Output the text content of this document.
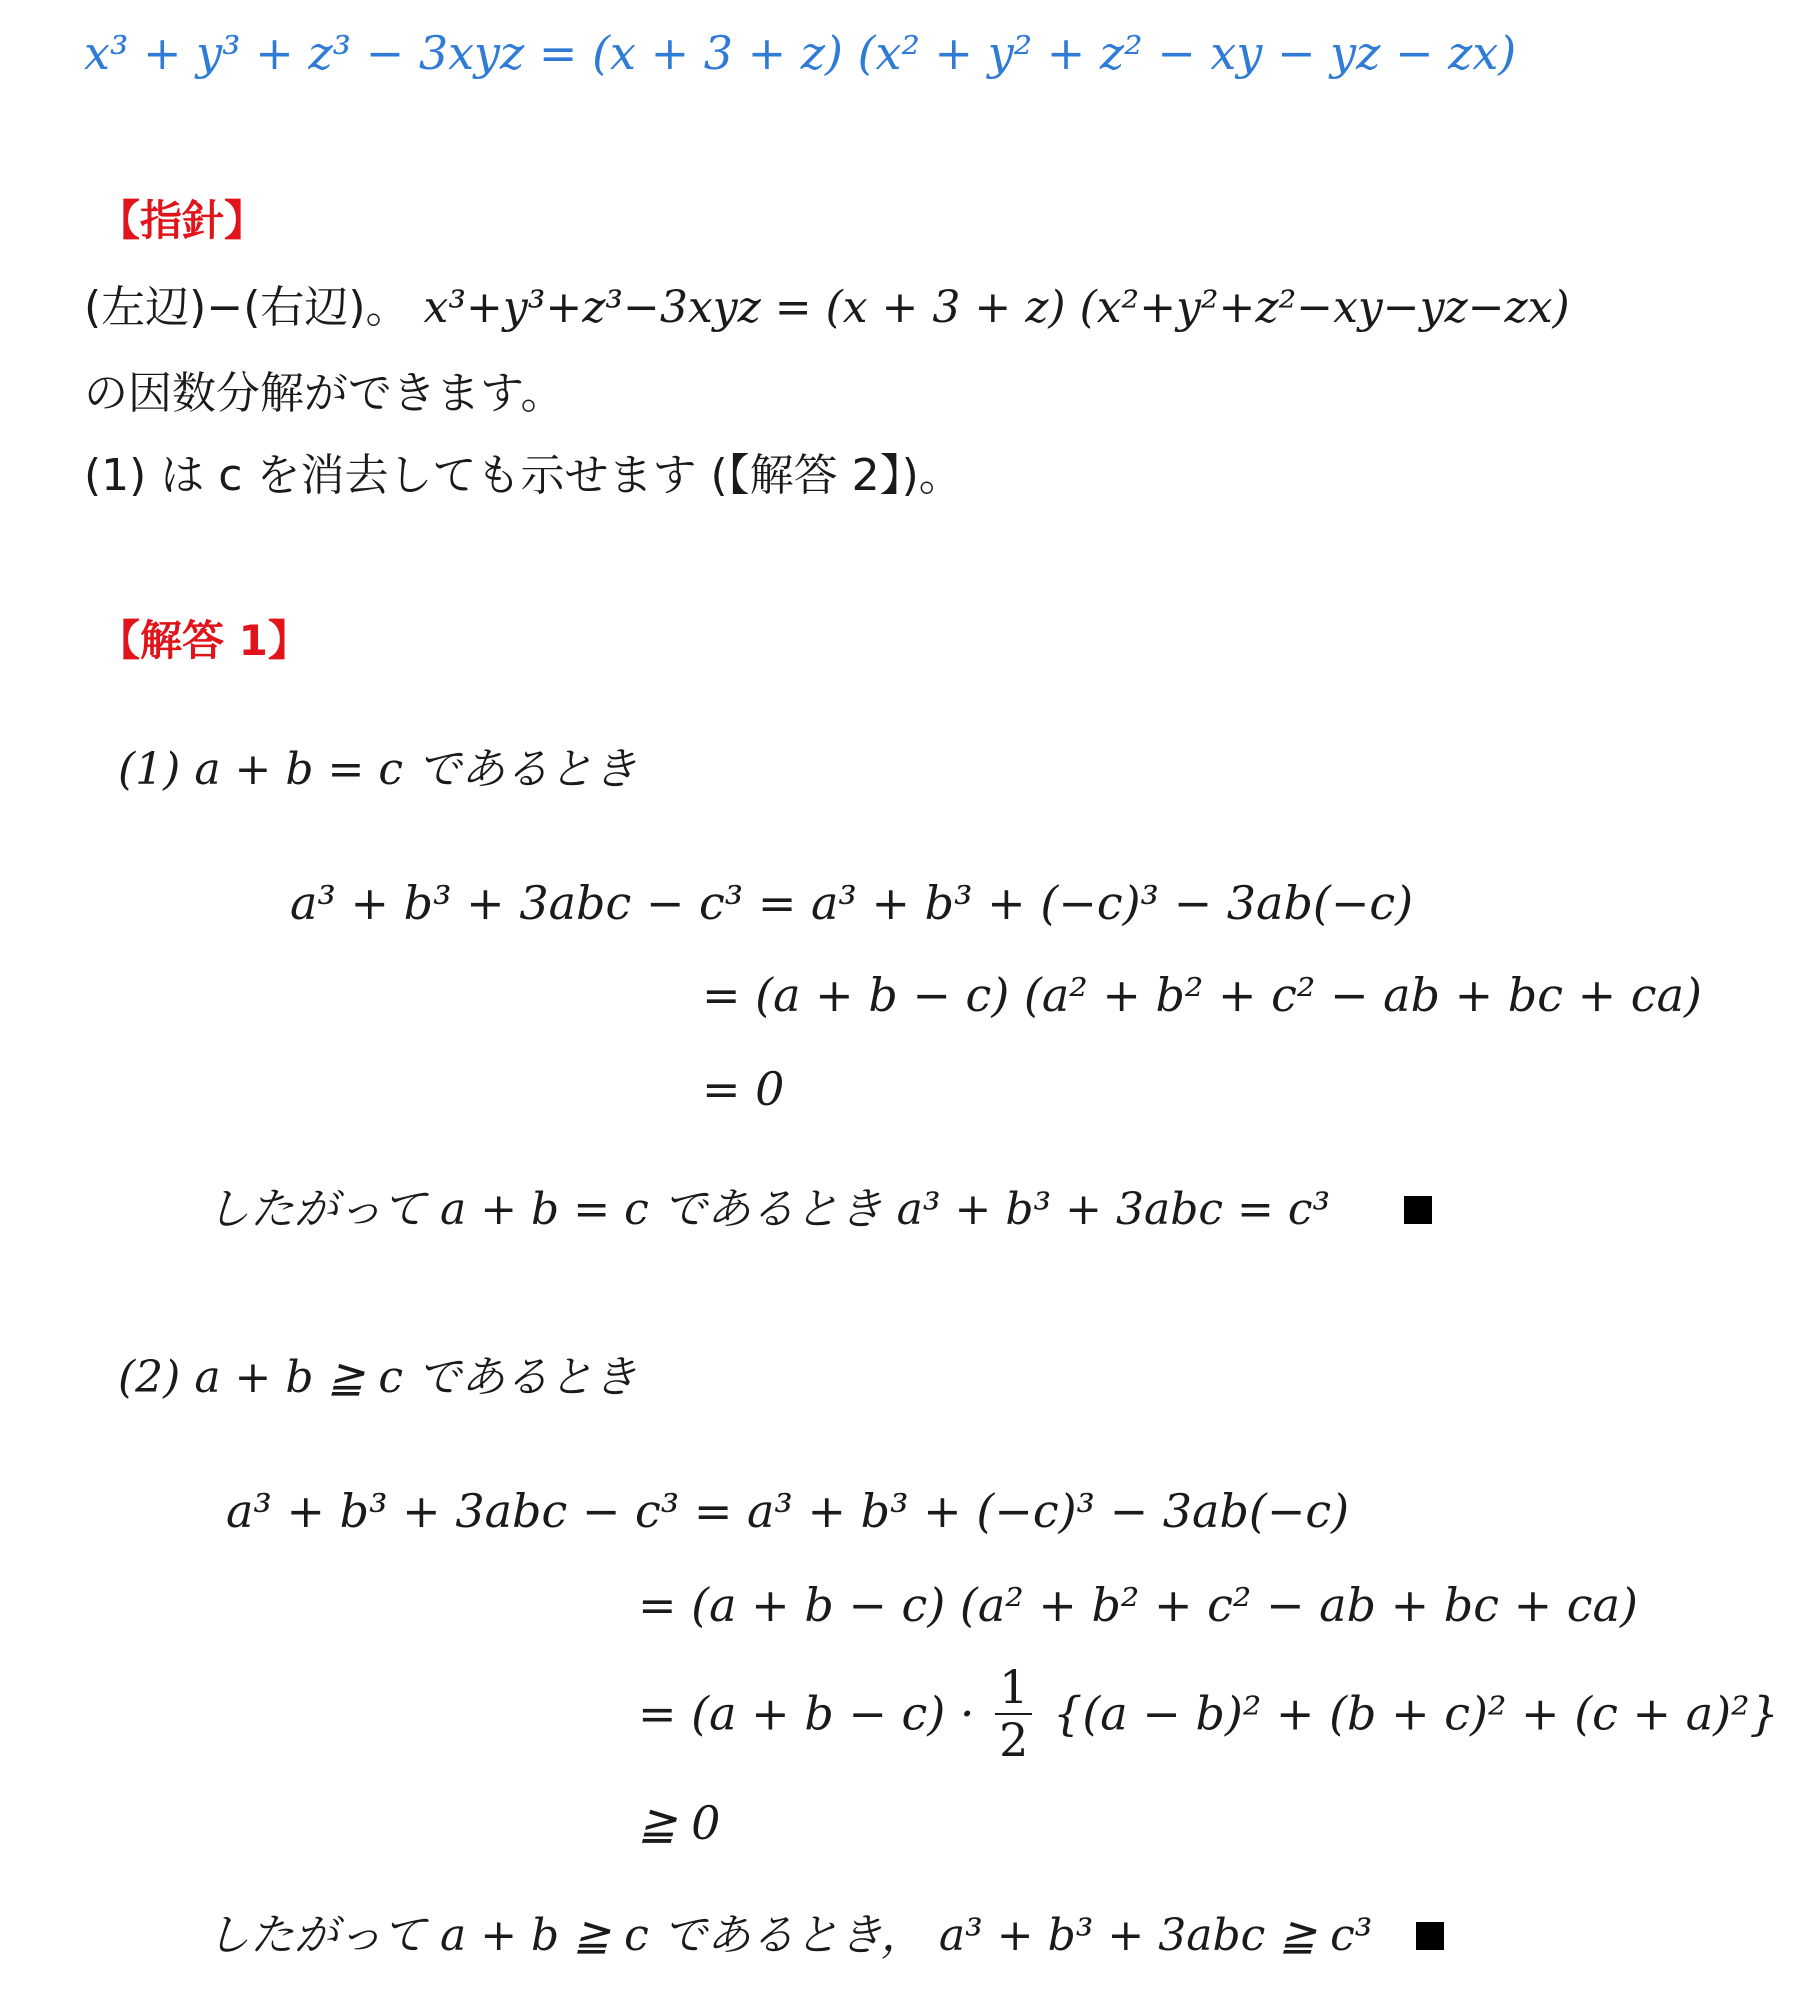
x³ + y³ + z³ − 3xyz = (x + 3 + z) (x² + y² + z² − xy − yz − zx)
【指針】
(左辺)−(右辺)。 x³+y³+z³−3xyz = (x + 3 + z) (x²+y²+z²−xy−yz−zx)
の因数分解ができます。
(1) は c を消去しても示せます (【解答 2】)。
【解答 1】
(1) a + b = c であるとき
a³ + b³ + 3abc − c³ = a³ + b³ + (−c)³ − 3ab(−c)
= (a + b − c) (a² + b² + c² − ab + bc + ca)
= 0
したがって a + b = c であるとき a³ + b³ + 3abc = c³
(2) a + b ≧ c であるとき
a³ + b³ + 3abc − c³ = a³ + b³ + (−c)³ − 3ab(−c)
= (a + b − c) (a² + b² + c² − ab + bc + ca)
= $(a + b - c) \cdot \frac{1}{2} \{(a - b)^2 + (b + c)^2 + (c + a)^2\}$
≧ 0
したがって a + b ≧ c であるとき， a³ + b³ + 3abc ≧ c³
